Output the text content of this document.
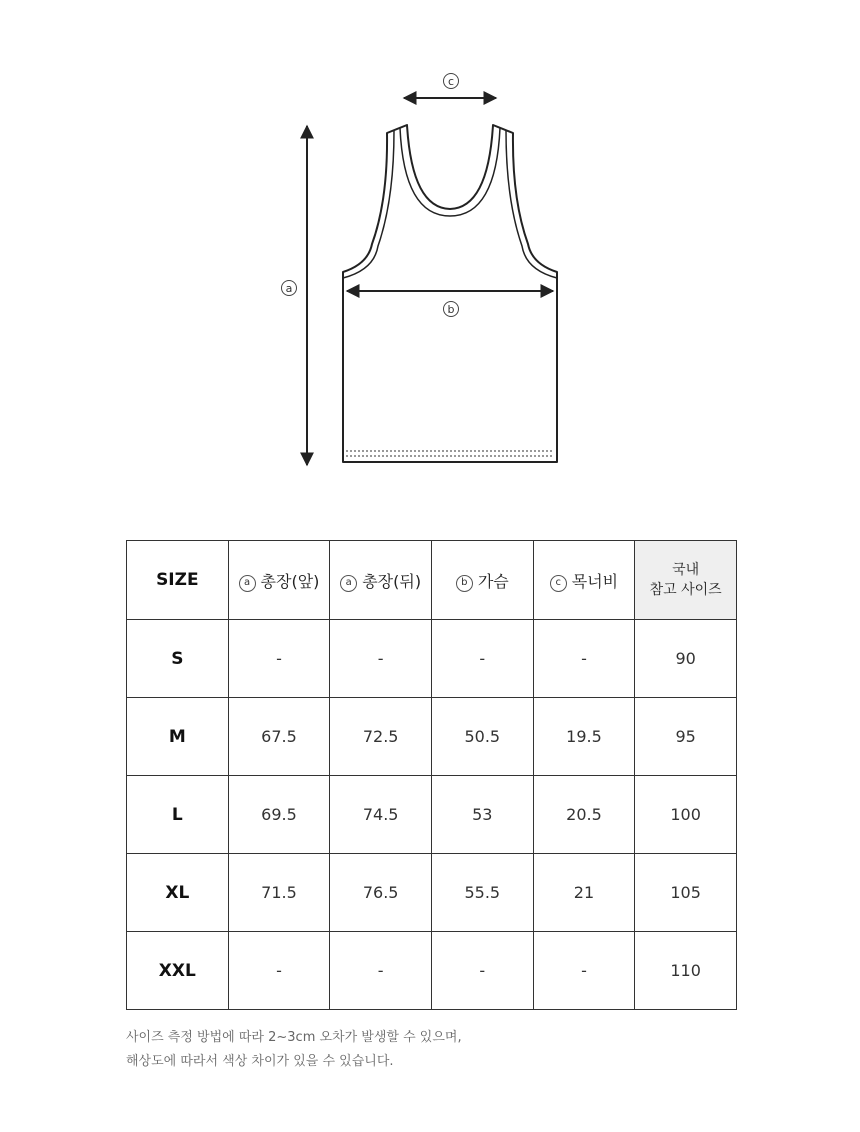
c
a
b
SIZE	a 총장(앞)	a 총장(뒤)	b 가슴	c 목너비	국내
참고 사이즈

S	-	-	-	-	90
M	67.5	72.5	50.5	19.5	95
L	69.5	74.5	53	20.5	100
XL	71.5	76.5	55.5	21	105
XXL	-	-	-	-	110
사이즈 측정 방법에 따라 2~3cm 오차가 발생할 수 있으며,
해상도에 따라서 색상 차이가 있을 수 있습니다.
